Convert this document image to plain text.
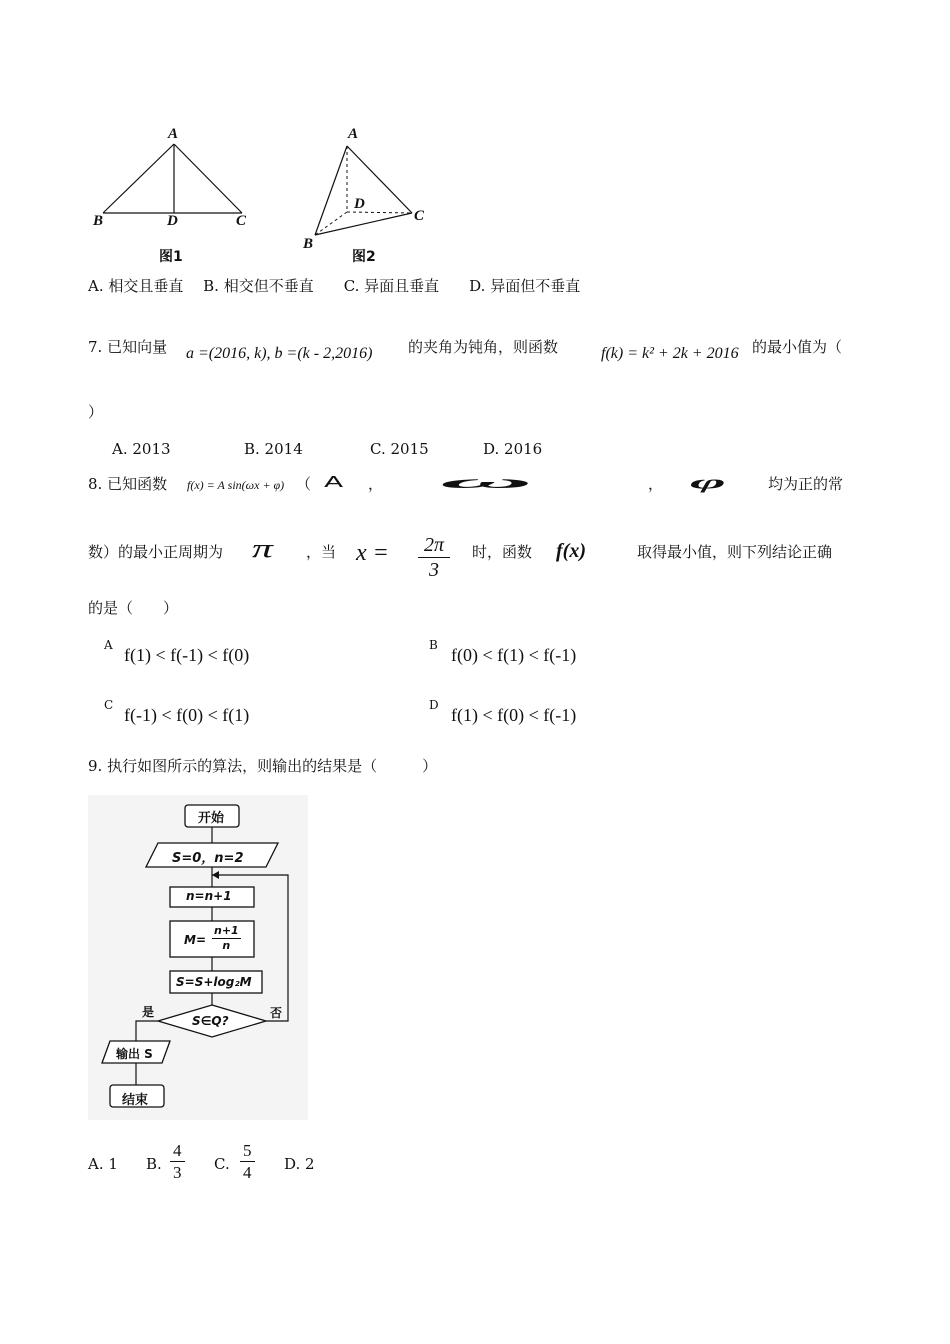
A
B	D	C
图1
A
D
C
B
图2
A. 相交且垂直　 B. 相交但不垂直　　C. 异面且垂直　　D. 异面但不垂直
7. 已知向量 a =(2016, k), b =(k - 2,2016) 的夹角为钝角，则函数	f(k) = k² + 2k + 2016 的最小值为（
）
A. 2013	B. 2014	C. 2015	D. 2016
8. 已知函数 f(x) = A sin(ωx + φ) （ A ， ω	， φ	均为正的常
数）的最小正周期为 π ，当 $x = \frac{2\pi}{3}$ 时，函数 f(x)	取得最小值，则下列结论正确
的是（　　）
A f(1) < f(-1) < f(0)	B f(0) < f(1) < f(-1)
C f(-1) < f(0) < f(1)	D f(1) < f(0) < f(-1)
9. 执行如图所示的算法，则输出的结果是（　　　）
开始
S=0，n=2
n=n+1
$M= \frac{n+1}{n}$
S=S+log₂M
S∈Q?
是	否
输出 S
结束
A. 1 B. $\frac{4}{3} C$. $\frac{5}{4} D$. 2
